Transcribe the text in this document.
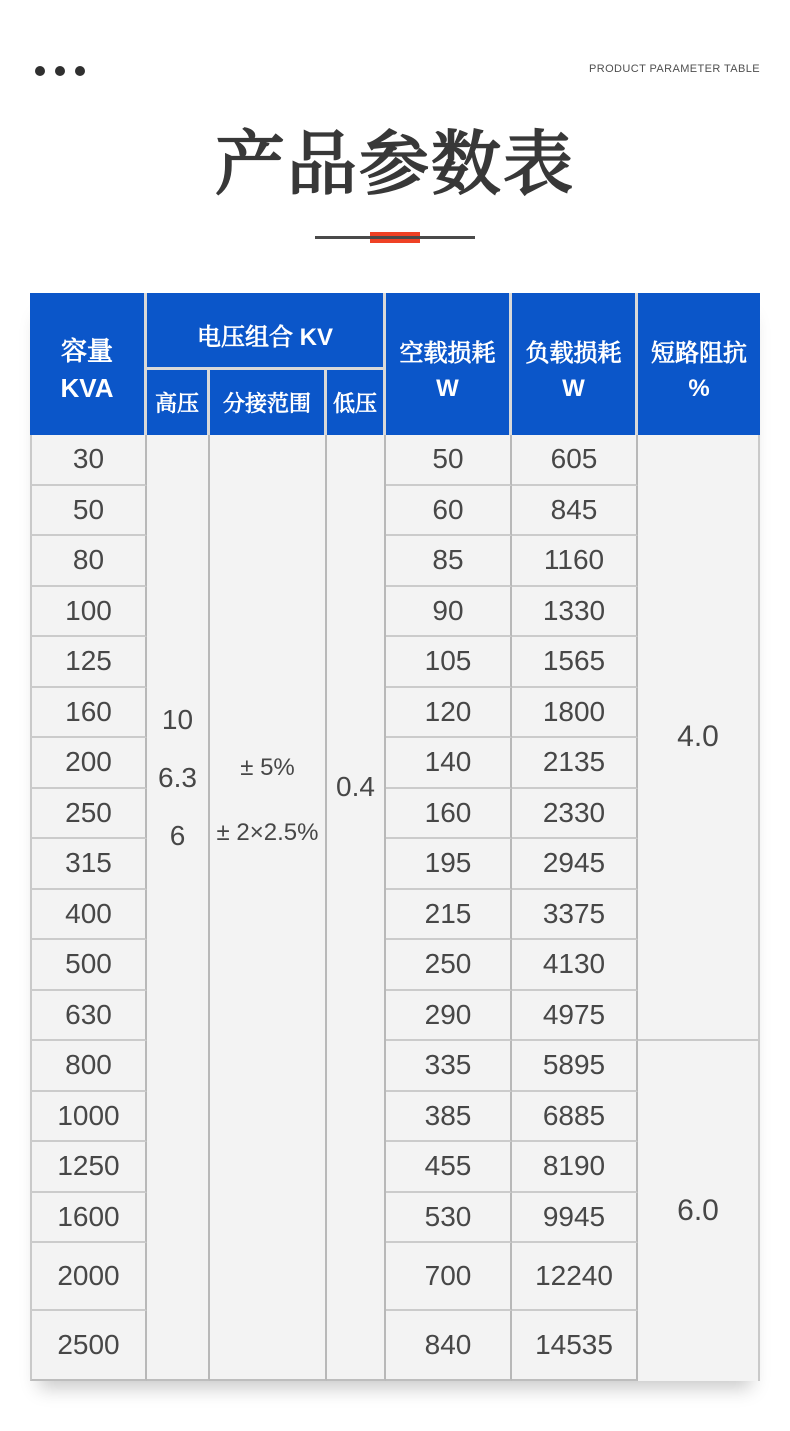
PRODUCT PARAMETER TABLE
产品参数表
容量
KVA
电压组合 KV
高压 分接范围 低压
空载损耗
W
负载损耗
W
短路阻抗
%
30
50
80
100
125
160
200
250
315
400
500
630
800
1000
1250
1600
2000
2500
10
6.3
6
± 5%
± 2×2.5%
0.4
50
60
85
90
105
120
140
160
195
215
250
290
335
385
455
530
700
840
605
845
1160
1330
1565
1800
2135
2330
2945
3375
4130
4975
5895
6885
8190
9945
12240
14535
4.0
6.0
